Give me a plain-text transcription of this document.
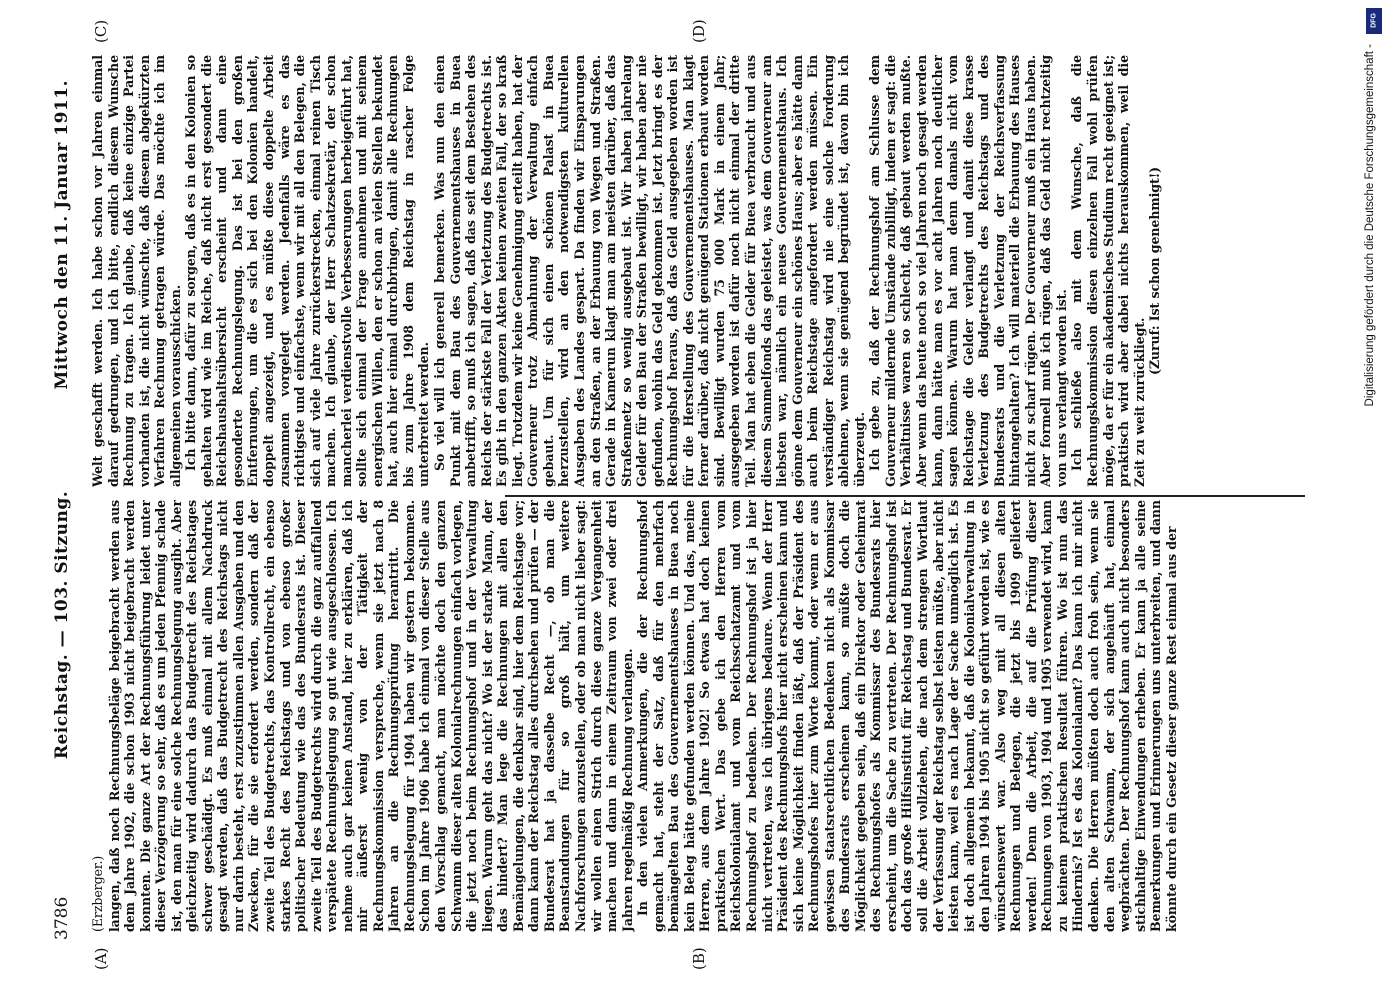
3786
Reichstag. — 103. Sitzung.
Mittwoch den 11. Januar 1911.
(A)	(B)
(C)	(D)

(Erzberger.) langen, daß noch Rechnungsbeläge beigebracht werden aus dem Jahre 1902, die schon 1903 nicht beigebracht werden konnten. Die ganze Art der Rechnungsführung leidet unter dieser Verzögerung so sehr, daß es um jeden Pfennig schade ist, den man für eine solche Rechnungslegung ausgibt. Aber gleichzeitig wird dadurch das Budgetrecht des Reichstages schwer geschädigt. Es muß einmal mit allem Nachdruck gesagt werden, daß das Budgetrecht des Reichstags nicht nur darin besteht, erst zuzustimmen allen Ausgaben und den Zwecken, für die sie erfordert werden, sondern daß der zweite Teil des Budgetrechts, das Kontrollrecht, ein ebenso starkes Recht des Reichstags und von ebenso großer politischer Bedeutung wie das des Bundesrats ist. Dieser zweite Teil des Budgetrechts wird durch die ganz auffallend verspätete Rechnungslegung so gut wie ausgeschlossen. Ich nehme auch gar keinen Anstand, hier zu erklären, daß ich mir äußerst wenig von der Tätigkeit der Rechnungskommission verspreche, wenn sie jetzt nach 8 Jahren an die Rechnungsprüfung herantritt. Die Rechnungslegung für 1904 haben wir gestern bekommen. Schon im Jahre 1906 habe ich einmal von dieser Stelle aus den Vorschlag gemacht, man möchte doch den ganzen Schwamm dieser alten Kolonialrechnungen einfach vorlegen, die jetzt noch beim Rechnungshof und in der Verwaltung liegen. Warum geht das nicht? Wo ist der starke Mann, der das hindert? Man lege die Rechnungen mit allen den Bemängelungen, die denkbar sind, hier dem Reichstage vor; dann kann der Reichstag alles durchsehen und prüfen — der Bundesrat hat ja dasselbe Recht —, ob man die Beanstandungen für so groß hält, um weitere Nachforschungen anzustellen, oder ob man nicht lieber sagt: wir wollen einen Strich durch diese ganze Vergangenheit machen und dann in einem Zeitraum von zwei oder drei Jahren regelmäßig Rechnung verlangen. In den vielen Anmerkungen, die der Rechnungshof gemacht hat, steht der Satz, daß für den mehrfach bemängelten Bau des Gouvernementshauses in Buea noch kein Beleg hätte gefunden werden können. Und das, meine Herren, aus dem Jahre 1902! So etwas hat doch keinen praktischen Wert. Das gebe ich den Herren vom Reichskolonialamt und vom Reichsschatzamt und vom Rechnungshof zu bedenken. Der Rechnungshof ist ja hier nicht vertreten, was ich übrigens bedaure. Wenn der Herr Präsident des Rechnungshofs hier nicht erscheinen kann und sich keine Möglichkeit finden läßt, daß der Präsident des Rechnungshofes hier zum Worte kommt, oder wenn er aus gewissen staatsrechtlichen Bedenken nicht als Kommissar des Bundesrats erscheinen kann, so müßte doch die Möglichkeit gegeben sein, daß ein Direktor oder Geheimrat des Rechnungshofes als Kommissar des Bundesrats hier erscheint, um die Sache zu vertreten. Der Rechnungshof ist doch das große Hilfsinstitut für Reichstag und Bundesrat. Er soll die Arbeit vollziehen, die nach dem strengen Wortlaut der Verfassung der Reichstag selbst leisten müßte, aber nicht leisten kann, weil es nach Lage der Sache unmöglich ist. Es ist doch allgemein bekannt, daß die Kolonialverwaltung in den Jahren 1904 bis 1905 nicht so geführt worden ist, wie es wünschenswert war. Also weg mit all diesen alten Rechnungen und Belegen, die jetzt bis 1909 geliefert werden! Denn die Arbeit, die auf die Prüfung dieser Rechnungen von 1903, 1904 und 1905 verwendet wird, kann zu keinem praktischen Resultat führen. Wo ist nun das Hindernis? Ist es das Kolonialamt? Das kann ich mir nicht denken. Die Herren müßten doch auch froh sein, wenn sie den alten Schwamm, der sich angehäuft hat, einmal wegbrächten. Der Rechnungshof kann auch nicht besonders stichhaltige Einwendungen erheben. Er kann ja alle seine Bemerkungen und Erinnerungen uns unterbreiten, und dann könnte durch ein Gesetz dieser ganze Rest einmal aus der

Welt geschafft werden. Ich habe schon vor Jahren einmal darauf gedrungen, und ich bitte, endlich diesem Wunsche Rechnung zu tragen. Ich glaube, daß keine einzige Partei vorhanden ist, die nicht wünschte, daß diesem abgekürzten Verfahren Rechnung getragen würde. Das möchte ich im allgemeinen vorausschicken. Ich bitte dann, dafür zu sorgen, daß es in den Kolonien so gehalten wird wie im Reiche, daß nicht erst gesondert die Reichshaushaltsübersicht erscheint und dann eine gesonderte Rechnungslegung. Das ist bei den großen Entfernungen, um die es sich bei den Kolonien handelt, doppelt angezeigt, und es müßte diese doppelte Arbeit zusammen vorgelegt werden. Jedenfalls wäre es das richtigste und einfachste, wenn wir mit all den Belegen, die sich auf viele Jahre zurückerstrecken, einmal reinen Tisch machen. Ich glaube, der Herr Schatzsekretär, der schon mancherlei verdienstvolle Verbesserungen herbeigeführt hat, sollte sich einmal der Frage annehmen und mit seinem energischen Willen, den er schon an vielen Stellen bekundet hat, auch hier einmal durchbringen, damit alle Rechnungen bis zum Jahre 1908 dem Reichstag in rascher Folge unterbreitet werden. So viel will ich generell bemerken. Was nun den einen Punkt mit dem Bau des Gouvernementshauses in Buea anbetrifft, so muß ich sagen, daß das seit dem Bestehen des Reichs der stärkste Fall der Verletzung des Budgetrechts ist. Es gibt in den ganzen Akten keinen zweiten Fall, der so kraß liegt. Trotzdem wir keine Genehmigung erteilt haben, hat der Gouverneur trotz Abmahnung der Verwaltung einfach gebaut. Um für sich einen schönen Palast in Buea herzustellen, wird an den notwendigsten kulturellen Ausgaben des Landes gespart. Da finden wir Einsparungen an den Straßen, an der Erbauung von Wegen und Straßen. Gerade in Kamerun klagt man am meisten darüber, daß das Straßennetz so wenig ausgebaut ist. Wir haben jahrelang Gelder für den Bau der Straßen bewilligt, wir haben aber nie gefunden, wohin das Geld gekommen ist. Jetzt bringt es der Rechnungshof heraus, daß das Geld ausgegeben worden ist für die Herstellung des Gouvernementshauses. Man klagt ferner darüber, daß nicht genügend Stationen erbaut worden sind. Bewilligt wurden 75 000 Mark in einem Jahr; ausgegeben worden ist dafür noch nicht einmal der dritte Teil. Man hat eben die Gelder für Buea verbraucht und aus diesem Sammelfonds das geleistet, was dem Gouverneur am liebsten war, nämlich ein neues Gouvernementshaus. Ich gönne dem Gouverneur ein schönes Haus; aber es hätte dann auch beim Reichstage angefordert werden müssen. Ein verständiger Reichstag wird nie eine solche Forderung ablehnen, wenn sie genügend begründet ist, davon bin ich überzeugt. Ich gebe zu, daß der Rechnungshof am Schlusse dem Gouverneur mildernde Umstände zubilligt, indem er sagt: die Verhältnisse waren so schlecht, daß gebaut werden mußte. Aber wenn das heute noch so viel Jahren noch gesagt werden kann, dann hätte man es vor acht Jahren noch deutlicher sagen können. Warum hat man denn damals nicht vom Reichstage die Gelder verlangt und damit diese krasse Verletzung des Budgetrechts des Reichstags und des Bundesrats und die Verletzung der Reichsverfassung hintangehalten? Ich will materiell die Erbauung des Hauses nicht zu scharf rügen. Der Gouverneur muß ein Haus haben. Aber formell muß ich rügen, daß das Geld nicht rechtzeitig von uns verlangt worden ist. Ich schließe also mit dem Wunsche, daß die Rechnungskommission diesen einzelnen Fall wohl prüfen möge, da er für ein akademisches Studium recht geeignet ist; praktisch wird aber dabei nichts herauskommen, weil die Zeit zu weit zurückliegt.

(Zuruf: Ist schon genehmigt!)	Digitalisierung gefördert durch die Deutsche Forschungsgemeinschaft -
DFG
